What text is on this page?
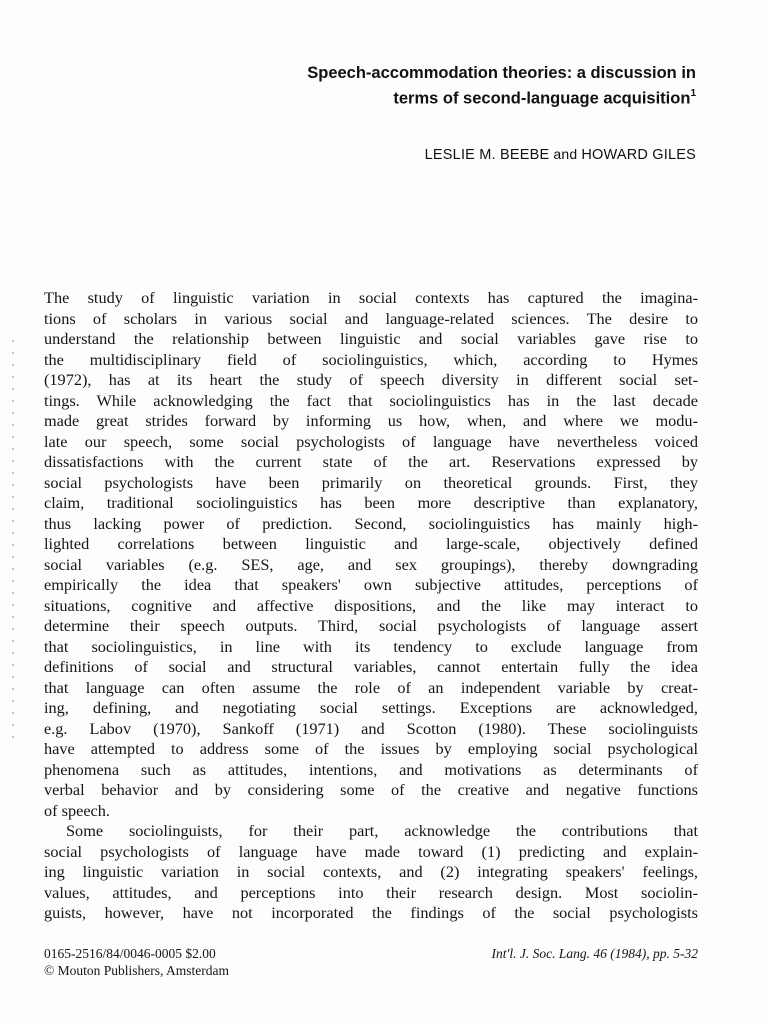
Speech-accommodation theories: a discussion in
terms of second-language acquisition$^1$
LESLIE M. BEEBE and HOWARD GILES
The study of linguistic variation in social contexts has captured the imagina-
tions of scholars in various social and language-related sciences. The desire to
understand the relationship between linguistic and social variables gave rise to
the multidisciplinary field of sociolinguistics, which, according to Hymes
(1972), has at its heart the study of speech diversity in different social set-
tings. While acknowledging the fact that sociolinguistics has in the last decade
made great strides forward by informing us how, when, and where we modu-
late our speech, some social psychologists of language have nevertheless voiced
dissatisfactions with the current state of the art. Reservations expressed by
social psychologists have been primarily on theoretical grounds. First, they
claim, traditional sociolinguistics has been more descriptive than explanatory,
thus lacking power of prediction. Second, sociolinguistics has mainly high-
lighted correlations between linguistic and large-scale, objectively defined
social variables (e.g. SES, age, and sex groupings), thereby downgrading
empirically the idea that speakers' own subjective attitudes, perceptions of
situations, cognitive and affective dispositions, and the like may interact to
determine their speech outputs. Third, social psychologists of language assert
that sociolinguistics, in line with its tendency to exclude language from
definitions of social and structural variables, cannot entertain fully the idea
that language can often assume the role of an independent variable by creat-
ing, defining, and negotiating social settings. Exceptions are acknowledged,
e.g. Labov (1970), Sankoff (1971) and Scotton (1980). These sociolinguists
have attempted to address some of the issues by employing social psychological
phenomena such as attitudes, intentions, and motivations as determinants of
verbal behavior and by considering some of the creative and negative functions
of speech.
Some sociolinguists, for their part, acknowledge the contributions that
social psychologists of language have made toward (1) predicting and explain-
ing linguistic variation in social contexts, and (2) integrating speakers' feelings,
values, attitudes, and perceptions into their research design. Most sociolin-
guists, however, have not incorporated the findings of the social psychologists
0165-2516/84/0046-0005 $2.00
© Mouton Publishers, Amsterdam
Int'l. J. Soc. Lang. 46 (1984), pp. 5-32
